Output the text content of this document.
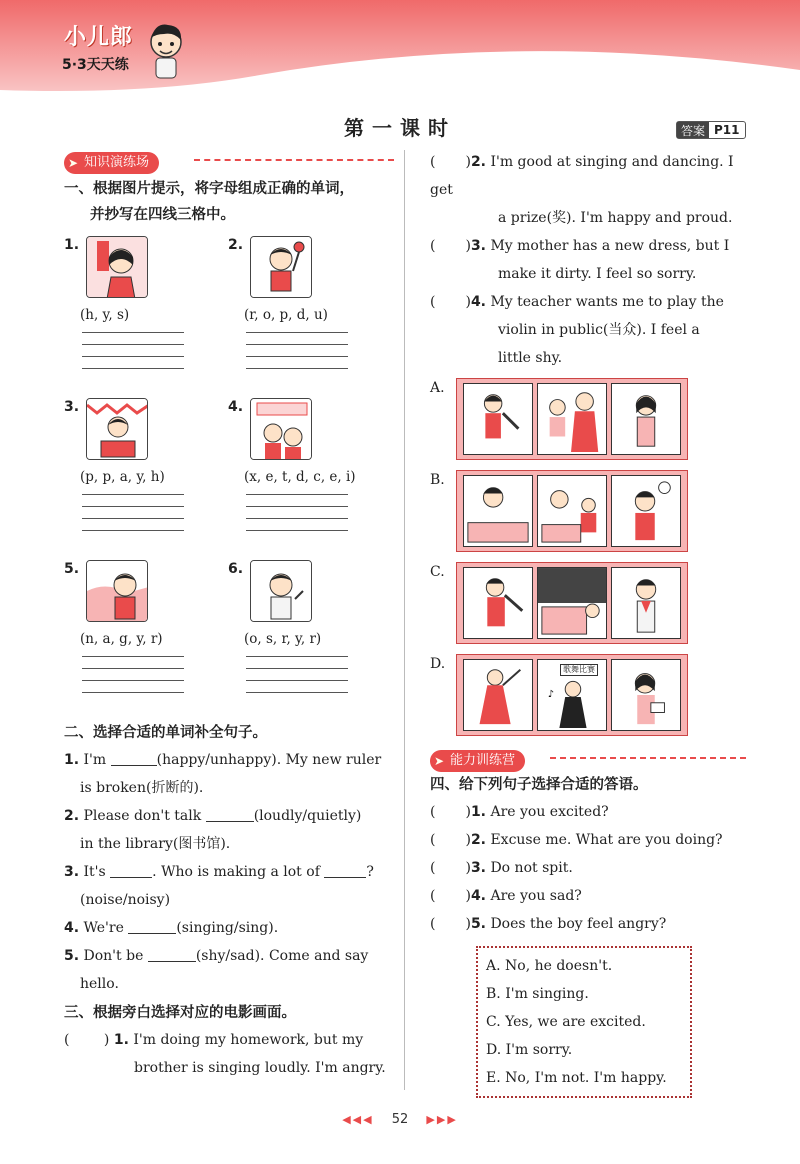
小儿郎
5·3天天练
第一课时	答案 P11
➤ 知识演练场
一、根据图片提示，将字母组成正确的单词，
并抄写在四线三格中。
1.
(h, y, s)
2.
(r, o, p, d, u)
3.
(p, p, a, y, h)
4.
(x, e, t, d, c, e, i)
5.
(n, a, g, y, r)
6.
(o, s, r, y, r)
二、选择合适的单词补全句子。
1. I'm	(happy/unhappy). My new ruler
is broken(折断的).
2. Please don't talk	(loudly/quietly)
in the library(图书馆).
3. It's	. Who is making a lot of	?
(noise/noisy)
4. We're	(singing/sing).
5. Don't be	(shy/sad). Come and say
hello.
三、根据旁白选择对应的电影画面。
( ) 1. I'm doing my homework, but my
brother is singing loudly. I'm angry.
( )2. I'm good at singing and dancing. I get
a prize(奖). I'm happy and proud.
( )3. My mother has a new dress, but I
make it dirty. I feel so sorry.
( )4. My teacher wants me to play the
violin in public(当众). I feel a
little shy.
A.
B.
C.
D.	歌舞比赛
♪
➤ 能力训练营
四、给下列句子选择合适的答语。
( )1. Are you excited?
( )2. Excuse me. What are you doing?
( )3. Do not spit.
( )4. Are you sad?
( )5. Does the boy feel angry?
A. No, he doesn't.
B. I'm singing.
C. Yes, we are excited.
D. I'm sorry.
E. No, I'm not. I'm happy.
◀◀◀ 52 ▶▶▶
